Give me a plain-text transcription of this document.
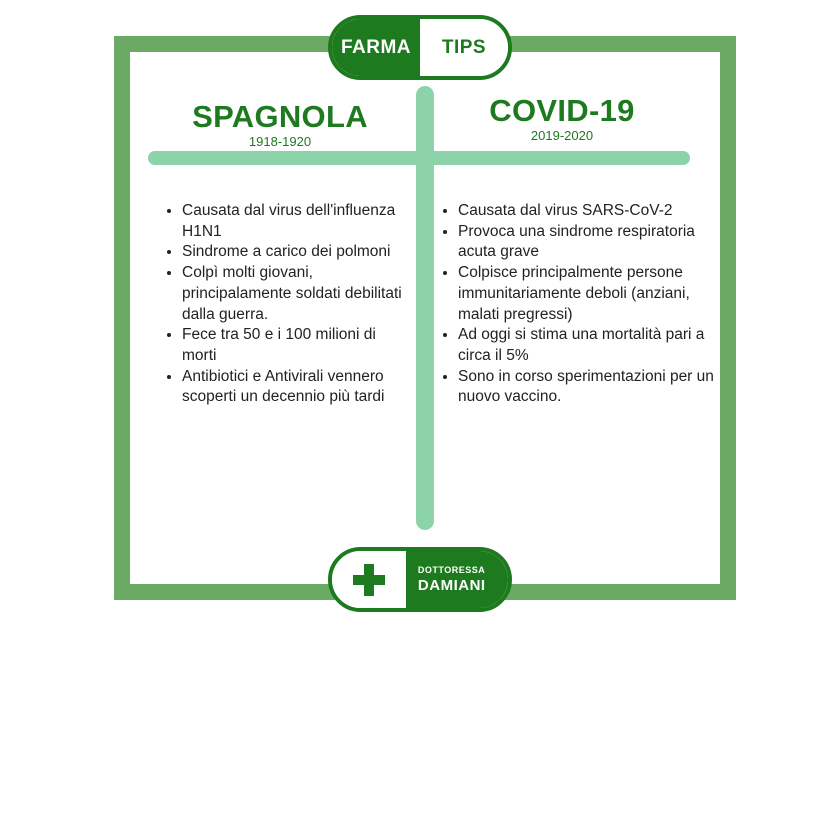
FARMA	TIPS
SPAGNOLA
1918-1920
COVID-19
2019-2020
• Causata dal virus dell'influenza H1N1
• Sindrome a carico dei polmoni
• Colpì molti giovani, principalamente soldati debilitati dalla guerra.
• Fece tra 50 e i 100 milioni di morti
• Antibiotici e Antivirali vennero scoperti un decennio più tardi
• Causata dal virus SARS-CoV-2
• Provoca una sindrome respiratoria acuta grave
• Colpisce principalmente persone immunitariamente deboli (anziani, malati pregressi)
• Ad oggi si stima una mortalità pari a circa il 5%
• Sono in corso sperimentazioni per un nuovo vaccino.
DOTTORESSA
DAMIANI
